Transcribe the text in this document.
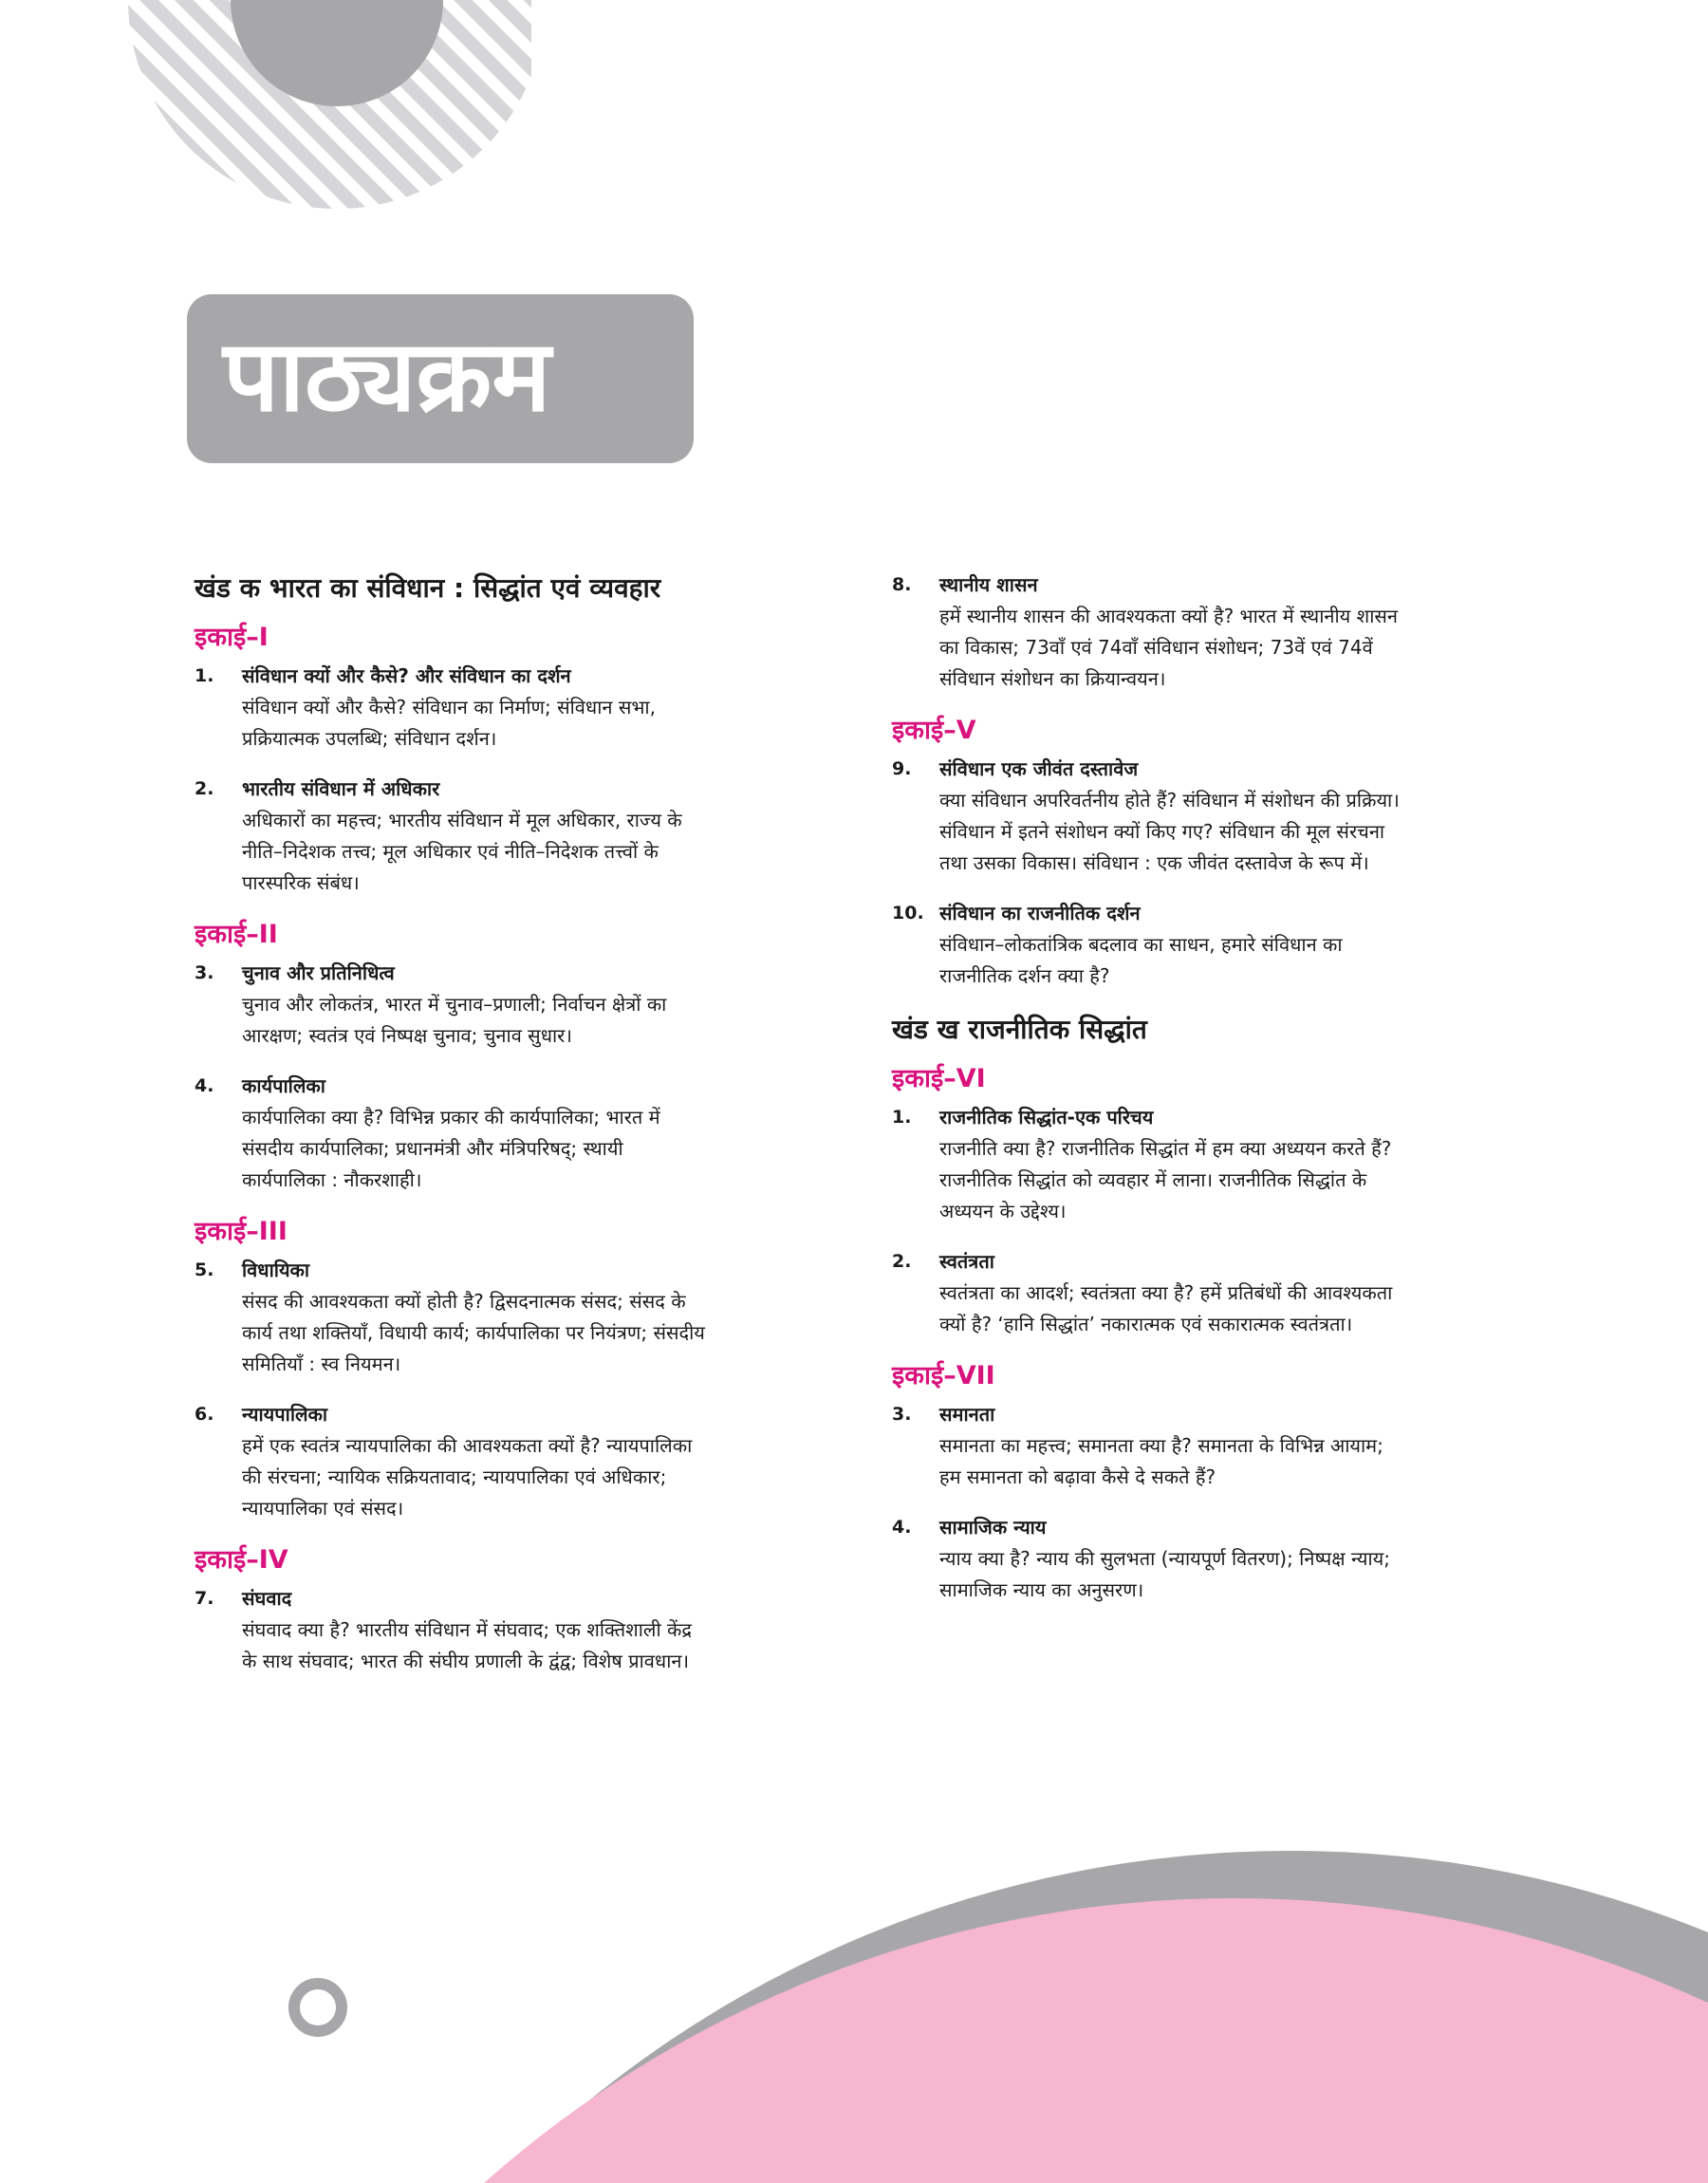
पाठ्यक्रम
खंड क भारत का संविधान : सिद्धांत एवं व्यवहार
इकाई–I
1. संविधान क्यों और कैसे? और संविधान का दर्शन
संविधान क्यों और कैसे? संविधान का निर्माण; संविधान सभा,
प्रक्रियात्मक उपलब्धि; संविधान दर्शन।
2. भारतीय संविधान में अधिकार
अधिकारों का महत्त्व; भारतीय संविधान में मूल अधिकार, राज्य के
नीति–निदेशक तत्त्व; मूल अधिकार एवं नीति–निदेशक तत्त्वों के
पारस्परिक संबंध।
इकाई–II
3. चुनाव और प्रतिनिधित्व
चुनाव और लोकतंत्र, भारत में चुनाव–प्रणाली; निर्वाचन क्षेत्रों का
आरक्षण; स्वतंत्र एवं निष्पक्ष चुनाव; चुनाव सुधार।
4. कार्यपालिका
कार्यपालिका क्या है? विभिन्न प्रकार की कार्यपालिका; भारत में
संसदीय कार्यपालिका; प्रधानमंत्री और मंत्रिपरिषद्; स्थायी
कार्यपालिका : नौकरशाही।
इकाई–III
5. विधायिका
संसद की आवश्यकता क्यों होती है? द्विसदनात्मक संसद; संसद के
कार्य तथा शक्तियाँ, विधायी कार्य; कार्यपालिका पर नियंत्रण; संसदीय
समितियाँ : स्व नियमन।
6. न्यायपालिका
हमें एक स्वतंत्र न्यायपालिका की आवश्यकता क्यों है? न्यायपालिका
की संरचना; न्यायिक सक्रियतावाद; न्यायपालिका एवं अधिकार;
न्यायपालिका एवं संसद।
इकाई–IV
7. संघवाद
संघवाद क्या है? भारतीय संविधान में संघवाद; एक शक्तिशाली केंद्र
के साथ संघवाद; भारत की संघीय प्रणाली के द्वंद्व; विशेष प्रावधान।
8. स्थानीय शासन
हमें स्थानीय शासन की आवश्यकता क्यों है? भारत में स्थानीय शासन
का विकास; 73वाँ एवं 74वाँ संविधान संशोधन; 73वें एवं 74वें
संविधान संशोधन का क्रियान्वयन।
इकाई–V
9. संविधान एक जीवंत दस्तावेज
क्या संविधान अपरिवर्तनीय होते हैं? संविधान में संशोधन की प्रक्रिया।
संविधान में इतने संशोधन क्यों किए गए? संविधान की मूल संरचना
तथा उसका विकास। संविधान : एक जीवंत दस्तावेज के रूप में।
10. संविधान का राजनीतिक दर्शन
संविधान–लोकतांत्रिक बदलाव का साधन, हमारे संविधान का
राजनीतिक दर्शन क्या है?
खंड ख राजनीतिक सिद्धांत
इकाई–VI
1. राजनीतिक सिद्धांत-एक परिचय
राजनीति क्या है? राजनीतिक सिद्धांत में हम क्या अध्ययन करते हैं?
राजनीतिक सिद्धांत को व्यवहार में लाना। राजनीतिक सिद्धांत के
अध्ययन के उद्देश्य।
2. स्वतंत्रता
स्वतंत्रता का आदर्श; स्वतंत्रता क्या है? हमें प्रतिबंधों की आवश्यकता
क्यों है? ‘हानि सिद्धांत’ नकारात्मक एवं सकारात्मक स्वतंत्रता।
इकाई–VII
3. समानता
समानता का महत्त्व; समानता क्या है? समानता के विभिन्न आयाम;
हम समानता को बढ़ावा कैसे दे सकते हैं?
4. सामाजिक न्याय
न्याय क्या है? न्याय की सुलभता (न्यायपूर्ण वितरण); निष्पक्ष न्याय;
सामाजिक न्याय का अनुसरण।
